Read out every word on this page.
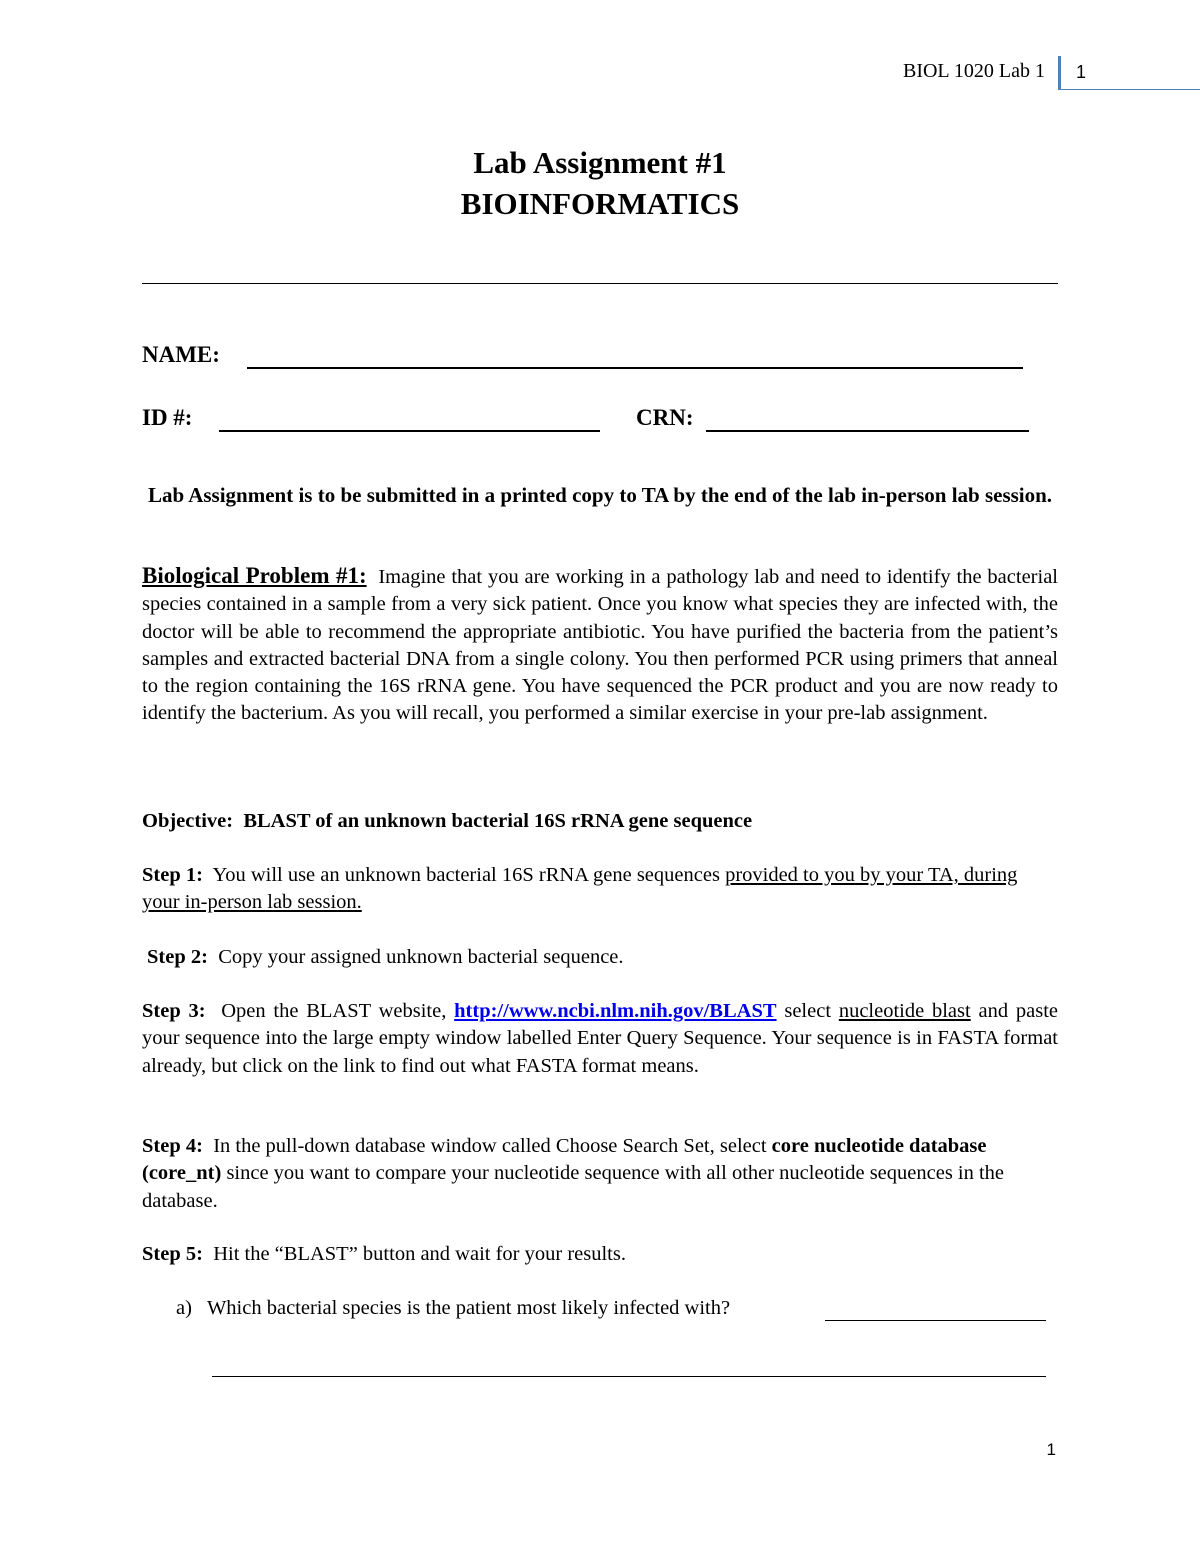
BIOL 1020 Lab 1 1
Lab Assignment #1
BIOINFORMATICS
NAME:
ID #:	CRN:
Lab Assignment is to be submitted in a printed copy to TA by the end of the lab in-person lab session.
Biological Problem #1: Imagine that you are working in a pathology lab and need to identify the bacterial species contained in a sample from a very sick patient. Once you know what species they are infected with, the doctor will be able to recommend the appropriate antibiotic. You have purified the bacteria from the patient’s samples and extracted bacterial DNA from a single colony. You then performed PCR using primers that anneal to the region containing the 16S rRNA gene. You have sequenced the PCR product and you are now ready to identify the bacterium. As you will recall, you performed a similar exercise in your pre-lab assignment.
Objective: BLAST of an unknown bacterial 16S rRNA gene sequence
Step 1: You will use an unknown bacterial 16S rRNA gene sequences provided to you by your TA, during your in-person lab session.
Step 2: Copy your assigned unknown bacterial sequence.
Step 3: Open the BLAST website, http://www.ncbi.nlm.nih.gov/BLAST select nucleotide blast and paste your sequence into the large empty window labelled Enter Query Sequence. Your sequence is in FASTA format already, but click on the link to find out what FASTA format means.
Step 4: In the pull-down database window called Choose Search Set, select core nucleotide database (core_nt) since you want to compare your nucleotide sequence with all other nucleotide sequences in the database.
Step 5: Hit the “BLAST” button and wait for your results.
a) Which bacterial species is the patient most likely infected with?
1
